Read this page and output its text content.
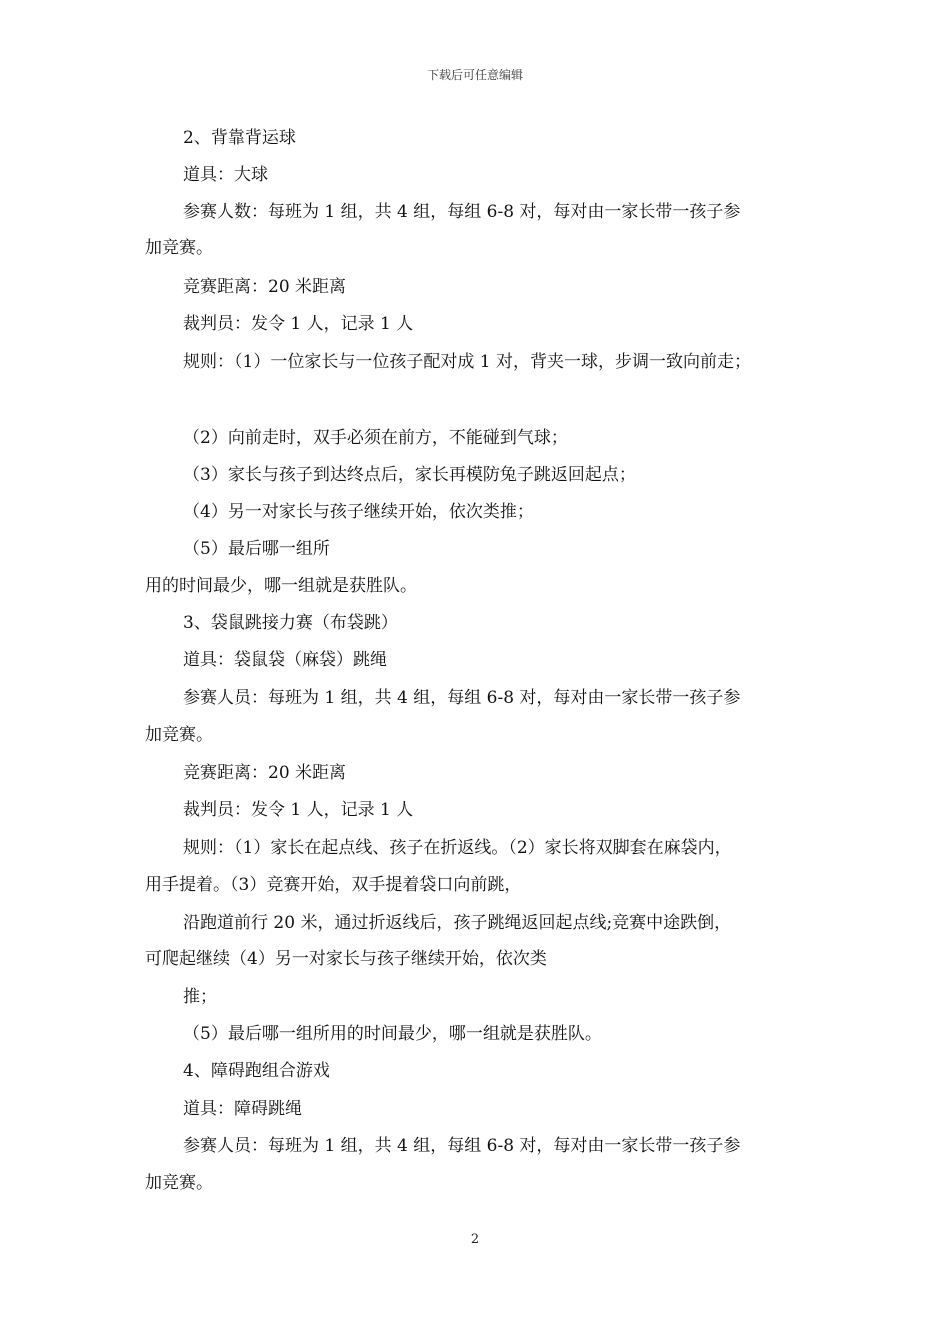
下载后可任意编辑
2、背靠背运球
道具：大球
参赛人数：每班为 1 组，共 4 组，每组 6-8 对，每对由一家长带一孩子参
加竞赛。
竞赛距离：20 米距离
裁判员：发令 1 人，记录 1 人
规则：（1）一位家长与一位孩子配对成 1 对，背夹一球，步调一致向前走；
（2）向前走时，双手必须在前方，不能碰到气球；
（3）家长与孩子到达终点后，家长再模防兔子跳返回起点；
（4）另一对家长与孩子继续开始，依次类推；
（5）最后哪一组所
用的时间最少，哪一组就是获胜队。
3、袋鼠跳接力赛（布袋跳）
道具：袋鼠袋（麻袋）跳绳
参赛人员：每班为 1 组，共 4 组，每组 6-8 对，每对由一家长带一孩子参
加竞赛。
竞赛距离：20 米距离
裁判员：发令 1 人，记录 1 人
规则：（1）家长在起点线、孩子在折返线。（2）家长将双脚套在麻袋内，
用手提着。（3）竞赛开始，双手提着袋口向前跳，
沿跑道前行 20 米，通过折返线后，孩子跳绳返回起点线;竞赛中途跌倒，
可爬起继续（4）另一对家长与孩子继续开始，依次类
推；
（5）最后哪一组所用的时间最少，哪一组就是获胜队。
4、障碍跑组合游戏
道具：障碍跳绳
参赛人员：每班为 1 组，共 4 组，每组 6-8 对，每对由一家长带一孩子参
加竞赛。
2
